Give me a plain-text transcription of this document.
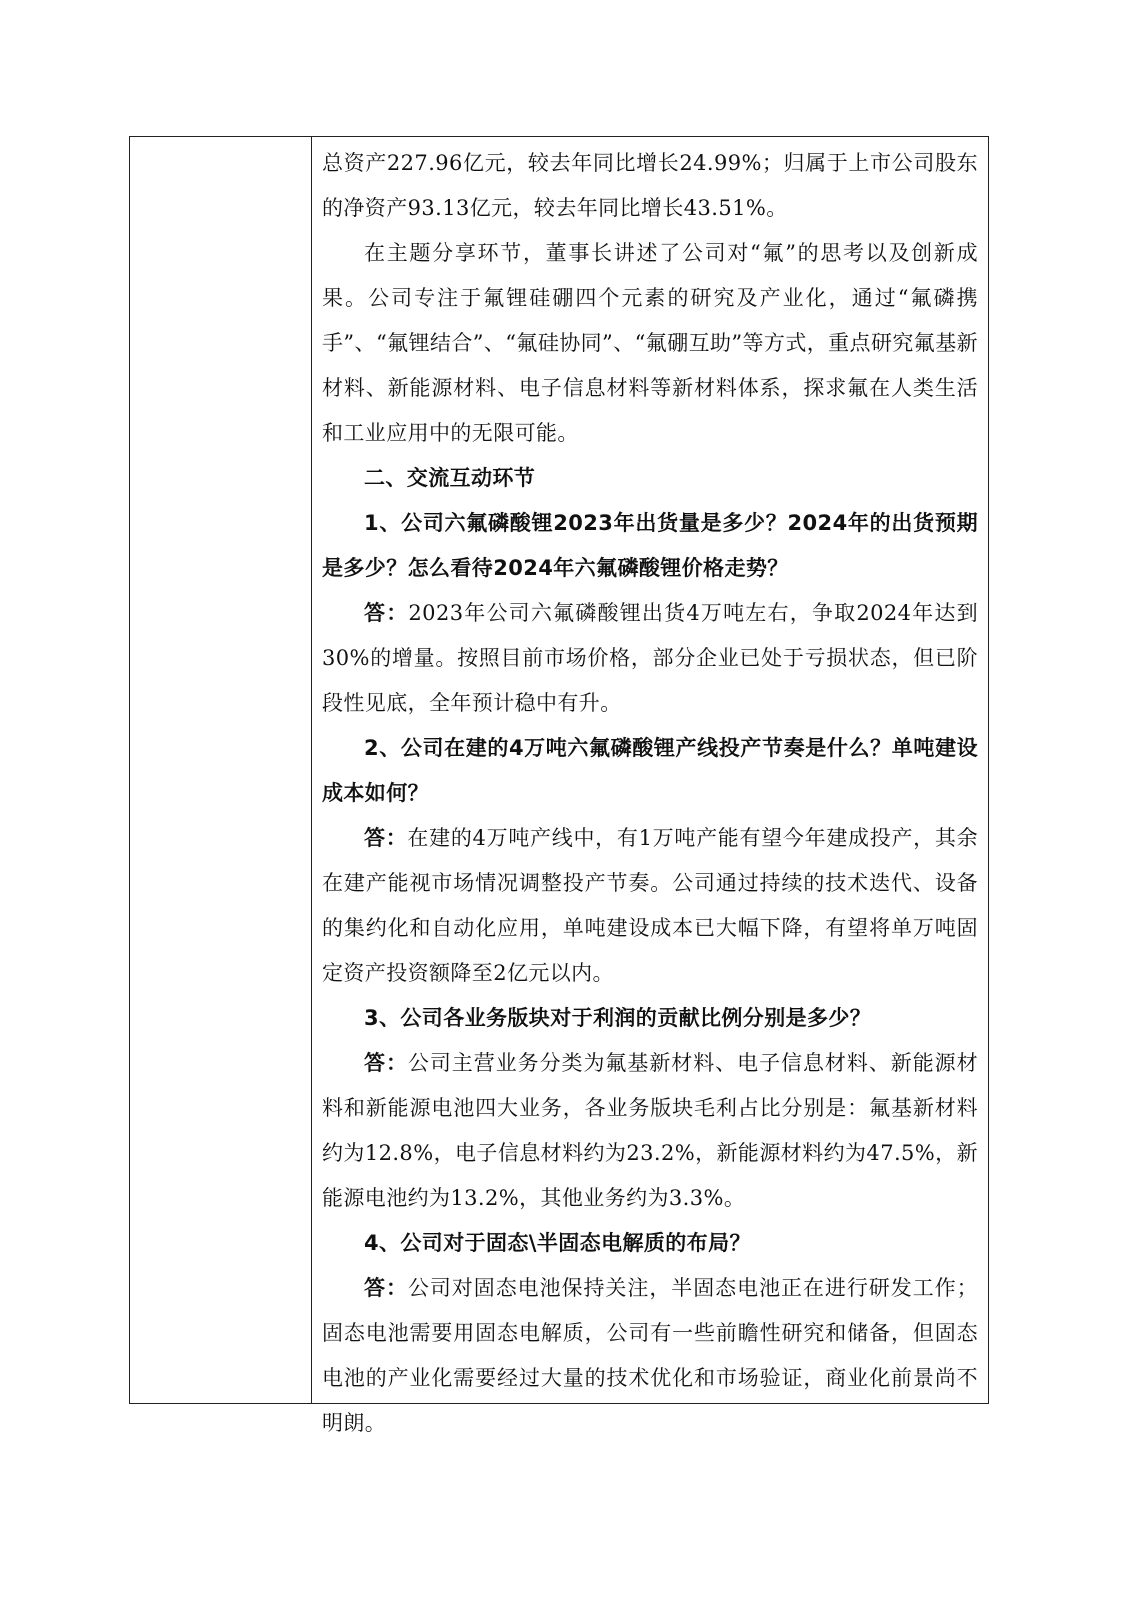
总资产227.96亿元，较去年同比增长24.99%；归属于上市公司股东的净资产93.13亿元，较去年同比增长43.51%。

在主题分享环节，董事长讲述了公司对“氟”的思考以及创新成果。公司专注于氟锂硅硼四个元素的研究及产业化，通过“氟磷携手”、“氟锂结合”、“氟硅协同”、“氟硼互助”等方式，重点研究氟基新材料、新能源材料、电子信息材料等新材料体系，探求氟在人类生活和工业应用中的无限可能。

二、交流互动环节

1、公司六氟磷酸锂2023年出货量是多少？2024年的出货预期是多少？怎么看待2024年六氟磷酸锂价格走势？

答：2023年公司六氟磷酸锂出货4万吨左右，争取2024年达到30%的增量。按照目前市场价格，部分企业已处于亏损状态，但已阶段性见底，全年预计稳中有升。

2、公司在建的4万吨六氟磷酸锂产线投产节奏是什么？单吨建设成本如何？

答：在建的4万吨产线中，有1万吨产能有望今年建成投产，其余在建产能视市场情况调整投产节奏。公司通过持续的技术迭代、设备的集约化和自动化应用，单吨建设成本已大幅下降，有望将单万吨固定资产投资额降至2亿元以内。

3、公司各业务版块对于利润的贡献比例分别是多少？

答：公司主营业务分类为氟基新材料、电子信息材料、新能源材料和新能源电池四大业务，各业务版块毛利占比分别是：氟基新材料约为12.8%，电子信息材料约为23.2%，新能源材料约为47.5%，新能源电池约为13.2%，其他业务约为3.3%。

4、公司对于固态\半固态电解质的布局？

答：公司对固态电池保持关注，半固态电池正在进行研发工作；固态电池需要用固态电解质，公司有一些前瞻性研究和储备，但固态电池的产业化需要经过大量的技术优化和市场验证，商业化前景尚不明朗。
